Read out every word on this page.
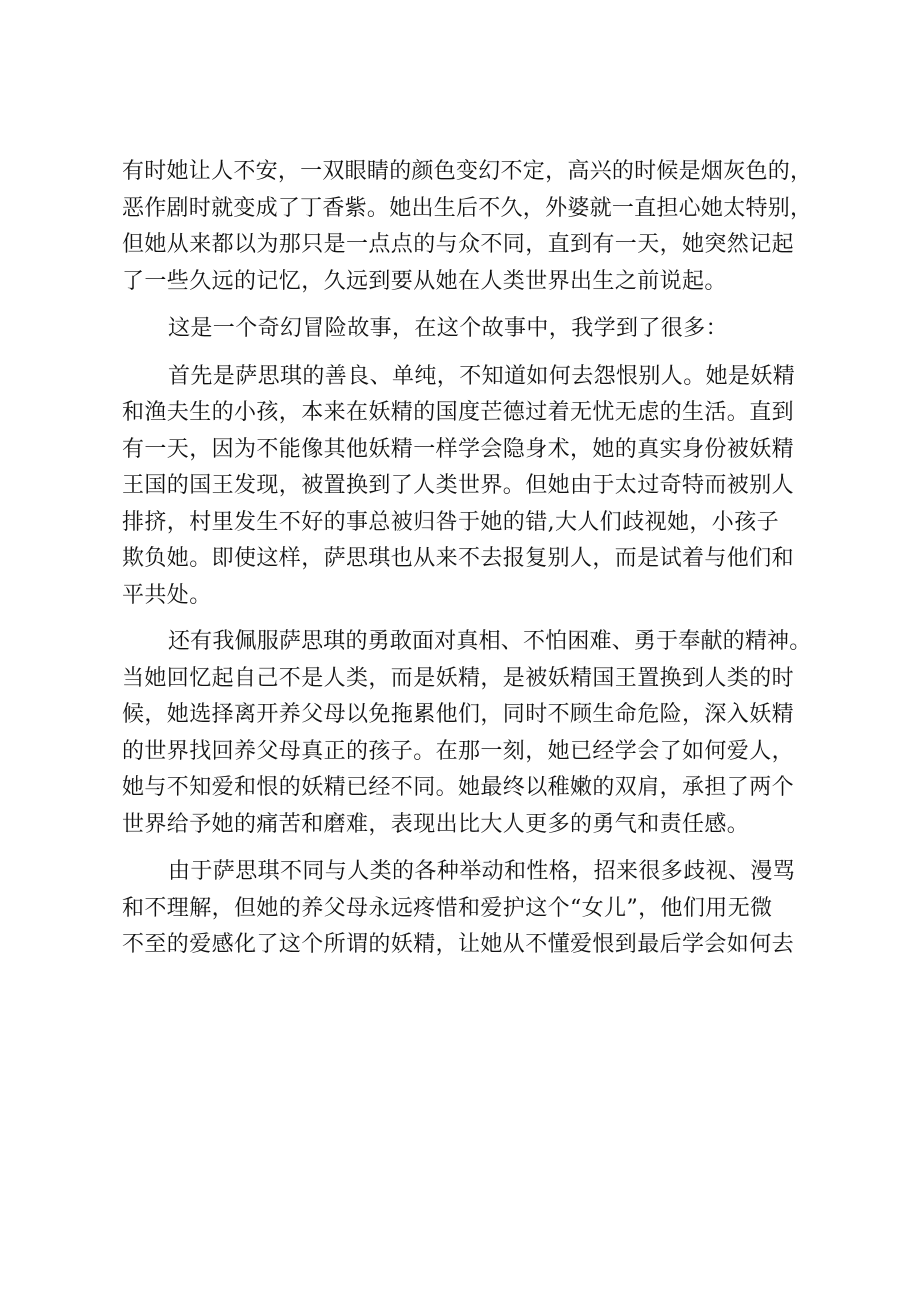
有时她让人不安，一双眼睛的颜色变幻不定，高兴的时候是烟灰色的，
恶作剧时就变成了丁香紫。她出生后不久，外婆就一直担心她太特别，
但她从来都以为那只是一点点的与众不同，直到有一天，她突然记起
了一些久远的记忆，久远到要从她在人类世界出生之前说起。
这是一个奇幻冒险故事，在这个故事中，我学到了很多：
首先是萨思琪的善良、单纯，不知道如何去怨恨别人。她是妖精
和渔夫生的小孩，本来在妖精的国度芒德过着无忧无虑的生活。直到
有一天，因为不能像其他妖精一样学会隐身术，她的真实身份被妖精
王国的国王发现，被置换到了人类世界。但她由于太过奇特而被别人
排挤，村里发生不好的事总被归咎于她的错,大人们歧视她，小孩子
欺负她。即使这样，萨思琪也从来不去报复别人，而是试着与他们和
平共处。
还有我佩服萨思琪的勇敢面对真相、不怕困难、勇于奉献的精神。
当她回忆起自己不是人类，而是妖精，是被妖精国王置换到人类的时
候，她选择离开养父母以免拖累他们，同时不顾生命危险，深入妖精
的世界找回养父母真正的孩子。在那一刻，她已经学会了如何爱人，
她与不知爱和恨的妖精已经不同。她最终以稚嫩的双肩，承担了两个
世界给予她的痛苦和磨难，表现出比大人更多的勇气和责任感。
由于萨思琪不同与人类的各种举动和性格，招来很多歧视、漫骂
和不理解，但她的养父母永远疼惜和爱护这个“女儿”，他们用无微
不至的爱感化了这个所谓的妖精，让她从不懂爱恨到最后学会如何去
